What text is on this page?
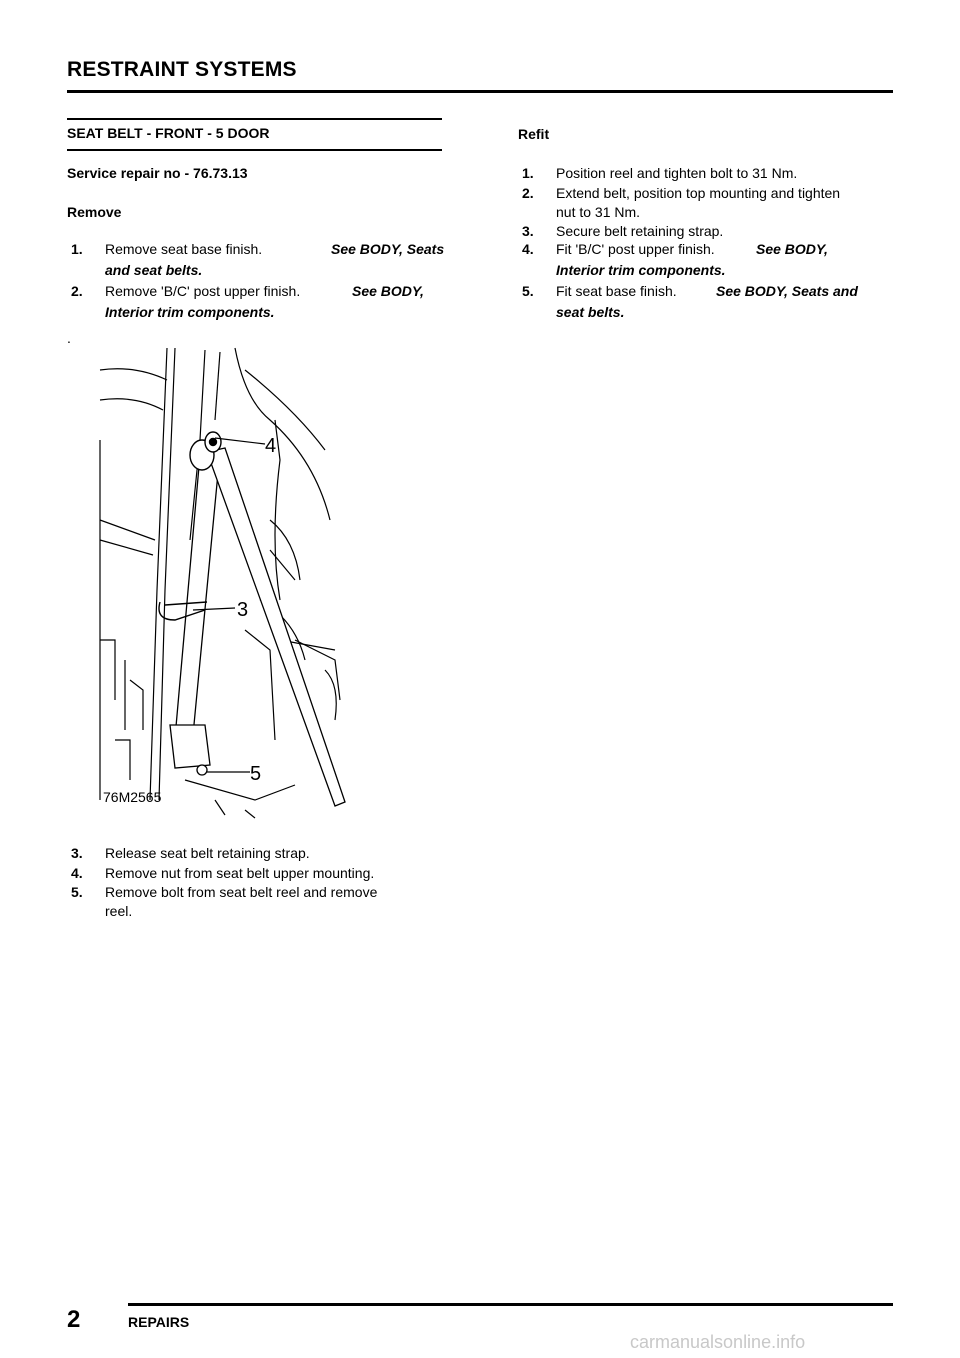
RESTRAINT SYSTEMS
SEAT BELT - FRONT - 5 DOOR
Service repair no - 76.73.13
Remove
1. Remove seat base finish.	See BODY, Seats
and seat belts.
2. Remove 'B/C' post upper finish.	See BODY,
Interior trim components.
.
4
3
5
76M2565
3. Release seat belt retaining strap.
4. Remove nut from seat belt upper mounting.
5. Remove bolt from seat belt reel and remove
reel.
Refit
1. Position reel and tighten bolt to 31 Nm.
2. Extend belt, position top mounting and tighten
nut to 31 Nm.
3. Secure belt retaining strap.
4. Fit 'B/C' post upper finish.	See BODY,
Interior trim components.
5. Fit seat base finish.	See BODY, Seats and
seat belts.
2	REPAIRS
carmanualsonline.info
